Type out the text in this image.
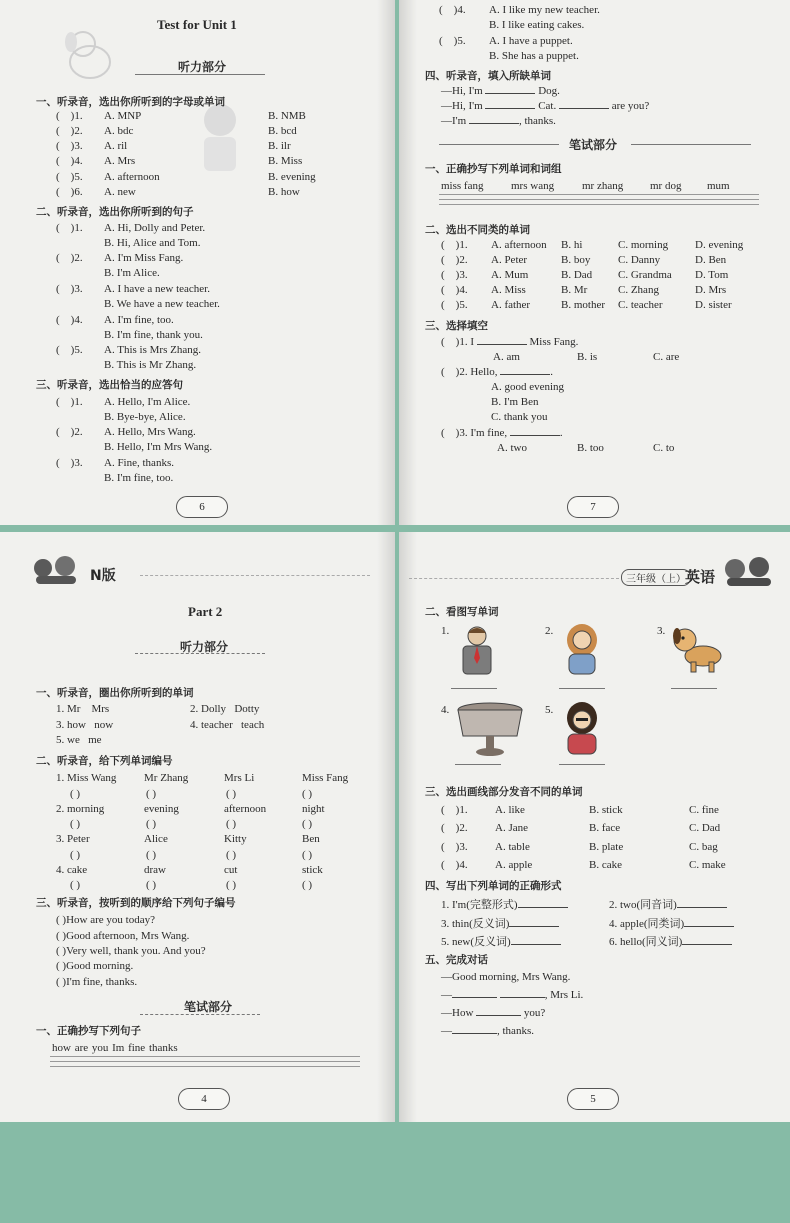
Test for Unit 1
听力部分
一、听录音，选出你所听到的字母或单词
(    )1. A. MNP	B. NMB
(    )2. A. bdc	B. bcd
(    )3. A. ril	B. ilr
(    )4. A. Mrs	B. Miss
(    )5. A. afternoon	B. evening
(    )6. A. new	B. how
二、听录音，选出你所听到的句子
(    )1. A. Hi, Dolly and Peter.
B. Hi, Alice and Tom.
(    )2. A. I'm Miss Fang.
B. I'm Alice.
(    )3. A. I have a new teacher.
B. We have a new teacher.
(    )4. A. I'm fine, too.
B. I'm fine, thank you.
(    )5. A. This is Mrs Zhang.
B. This is Mr Zhang.
三、听录音，选出恰当的应答句
(    )1. A. Hello, I'm Alice.
B. Bye-bye, Alice.
(    )2. A. Hello, Mrs Wang.
B. Hello, I'm Mrs Wang.
(    )3. A. Fine, thanks.
B. I'm fine, too.
6
(    )4. A. I like my new teacher.
B. I like eating cakes.
(    )5. A. I have a puppet.
B. She has a puppet.
四、听录音，填入所缺单词
—Hi, I'm	Dog.
—Hi, I'm	Cat.	are you?
—I'm	, thanks.
笔试部分
一、正确抄写下列单词和词组
miss fang	mrs wang	mr zhang mr dog mum
二、选出不同类的单词
(    )1. A. afternoon B. hi	C. morning D. evening
(    )2. A. Peter	B. boy	C. Danny	D. Ben
(    )3. A. Mum	B. Dad C. Grandma D. Tom
(    )4. A. Miss	B. Mr	C. Zhang	D. Mrs
(    )5. A. father	B. mother C. teacher	D. sister
三、选择填空
(    )1. I	Miss Fang.
A. am	B. is	C. are
(    )2. Hello,	.
A. good evening
B. I'm Ben
C. thank you
(    )3. I'm fine,	.
A. two	B. too	C. to
7
N版
Part 2
听力部分
一、听录音，圈出你所听到的单词
1. Mr Mrs	2. Dolly Dotty
3. how now	4. teacher teach
5. we me
二、听录音，给下列单词编号
1. Miss Wang	Mr Zhang	Mrs Li	Miss Fang
( )	( )	( )	( )
2. morning	evening	afternoon	night
( )	( )	( )	( )
3. Peter	Alice	Kitty	Ben
( )	( )	( )	( )
4. cake	draw	cut	stick
( )	( )	( )	( )
三、听录音，按听到的顺序给下列句子编号
( )How are you today?
( )Good afternoon, Mrs Wang.
( )Very well, thank you. And you?
( )Good morning.
( )I'm fine, thanks.
笔试部分
一、正确抄写下列句子
how are you Im fine thanks
4
三年级（上） 英语
二、看图写单词
1.	2.	3.
4.	5.
三、选出画线部分发音不同的单词
(    )1. A. like	B. stick	C. fine
(    )2. A. Jane	B. face	C. Dad
(    )3. A. table	B. plate	C. bag
(    )4. A. apple	B. cake	C. make
四、写出下列单词的正确形式
1. I'm(完整形式)	2. two(同音词)
3. thin(反义词)	4. apple(同类词)
5. new(反义词)	6. hello(同义词)
五、完成对话
—Good morning, Mrs Wang.
—	, Mrs Li.
—How	you?
—	, thanks.
5
